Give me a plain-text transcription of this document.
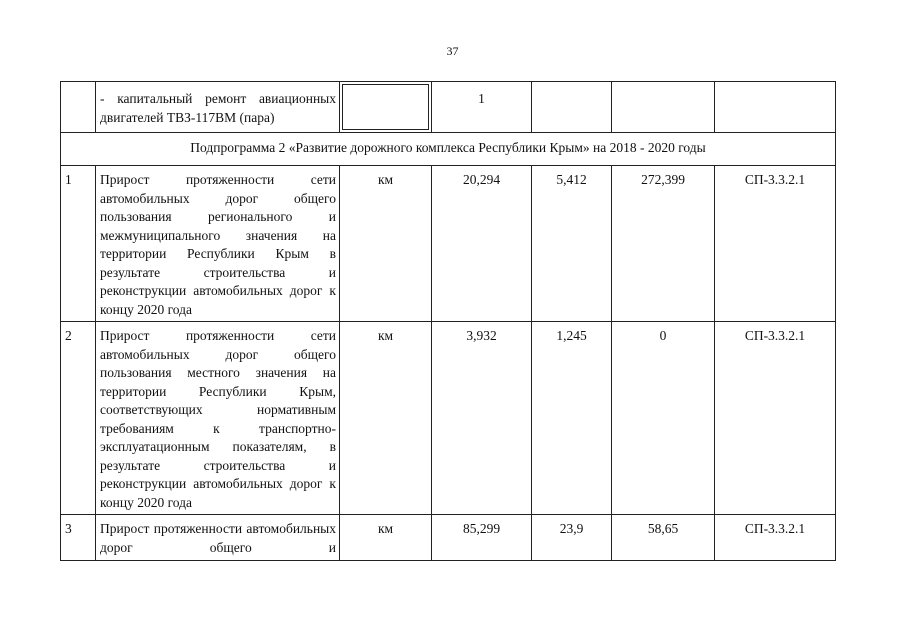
37
	- капитальный ремонт авиационных двигателей ТВЗ-117ВМ (пара)		1			
Подпрограмма 2 «Развитие дорожного комплекса Республики Крым» на 2018 - 2020 годы						
1	Прирост протяженности сети автомобильных дорог общего пользования регионального и межмуниципального значения на территории Республики Крым в результате строительства и реконструкции автомобильных дорог к концу 2020 года	км	20,294	5,412	272,399	СП-3.3.2.1
2	Прирост протяженности сети автомобильных дорог общего пользования местного значения на территории Республики Крым, соответствующих нормативным требованиям к транспортно-эксплуатационным показателям, в результате строительства и реконструкции автомобильных дорог к концу 2020 года	км	3,932	1,245	0	СП-3.3.2.1
3	Прирост протяженности автомобильных дорог общего и	км	85,299	23,9	58,65	СП-3.3.2.1
